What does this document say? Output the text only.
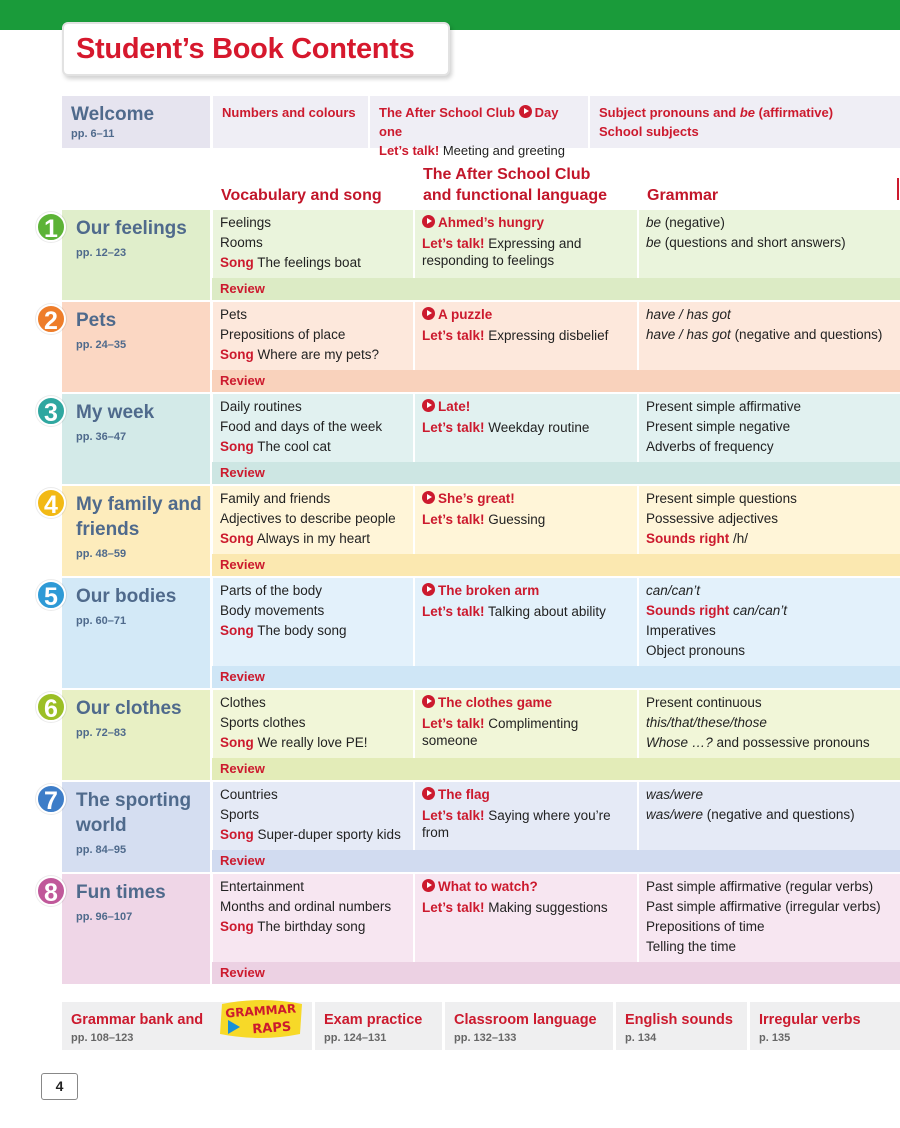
Student’s Book Contents
Welcome
pp. 6–11
Numbers and colours	The After School Club Day one
Let’s talk! Meeting and greeting
Subject pronouns and be (affirmative)
School subjects
Vocabulary and song
The After School Club
and functional language Grammar
1 Our feelings
pp. 12–23
Feelings
Rooms
Song The feelings boat
Ahmed’s hungry
Let’s talk! Expressing and responding to feelings
be (negative)
be (questions and short answers)
Review
2 Pets
pp. 24–35
Pets
Prepositions of place
Song Where are my pets?
A puzzle
Let’s talk! Expressing disbelief
have / has got
have / has got (negative and questions)
Review
3 My week
pp. 36–47
Daily routines
Food and days of the week
Song The cool cat
Late!
Let’s talk! Weekday routine
Present simple affirmative
Present simple negative
Adverbs of frequency
Review
4 My family and friends
pp. 48–59
Family and friends
Adjectives to describe people
Song Always in my heart
She’s great!
Let’s talk! Guessing
Present simple questions
Possessive adjectives
Sounds right /h/
Review
5 Our bodies
pp. 60–71
Parts of the body
Body movements
Song The body song
The broken arm
Let’s talk! Talking about ability
can/can’t
Sounds right can/can’t
Imperatives
Object pronouns
Review
6 Our clothes
pp. 72–83
Clothes
Sports clothes
Song We really love PE!
The clothes game
Let’s talk! Complimenting someone
Present continuous
this/that/these/those
Whose …? and possessive pronouns
Review
7 The sporting world
pp. 84–95
Countries
Sports
Song Super-duper sporty kids
The flag
Let’s talk! Saying where you’re from
was/were
was/were (negative and questions)
Review
8 Fun times
pp. 96–107
Entertainment
Months and ordinal numbers
Song The birthday song
What to watch?
Let’s talk! Making suggestions
Past simple affirmative (regular verbs)
Past simple affirmative (irregular verbs)
Prepositions of time
Telling the time
Review
Grammar bank and
pp. 108–123
GRAMMAR
RAPS Exam practice
pp. 124–131
Classroom language
pp. 132–133
English sounds
p. 134
Irregular verbs
p. 135
4
